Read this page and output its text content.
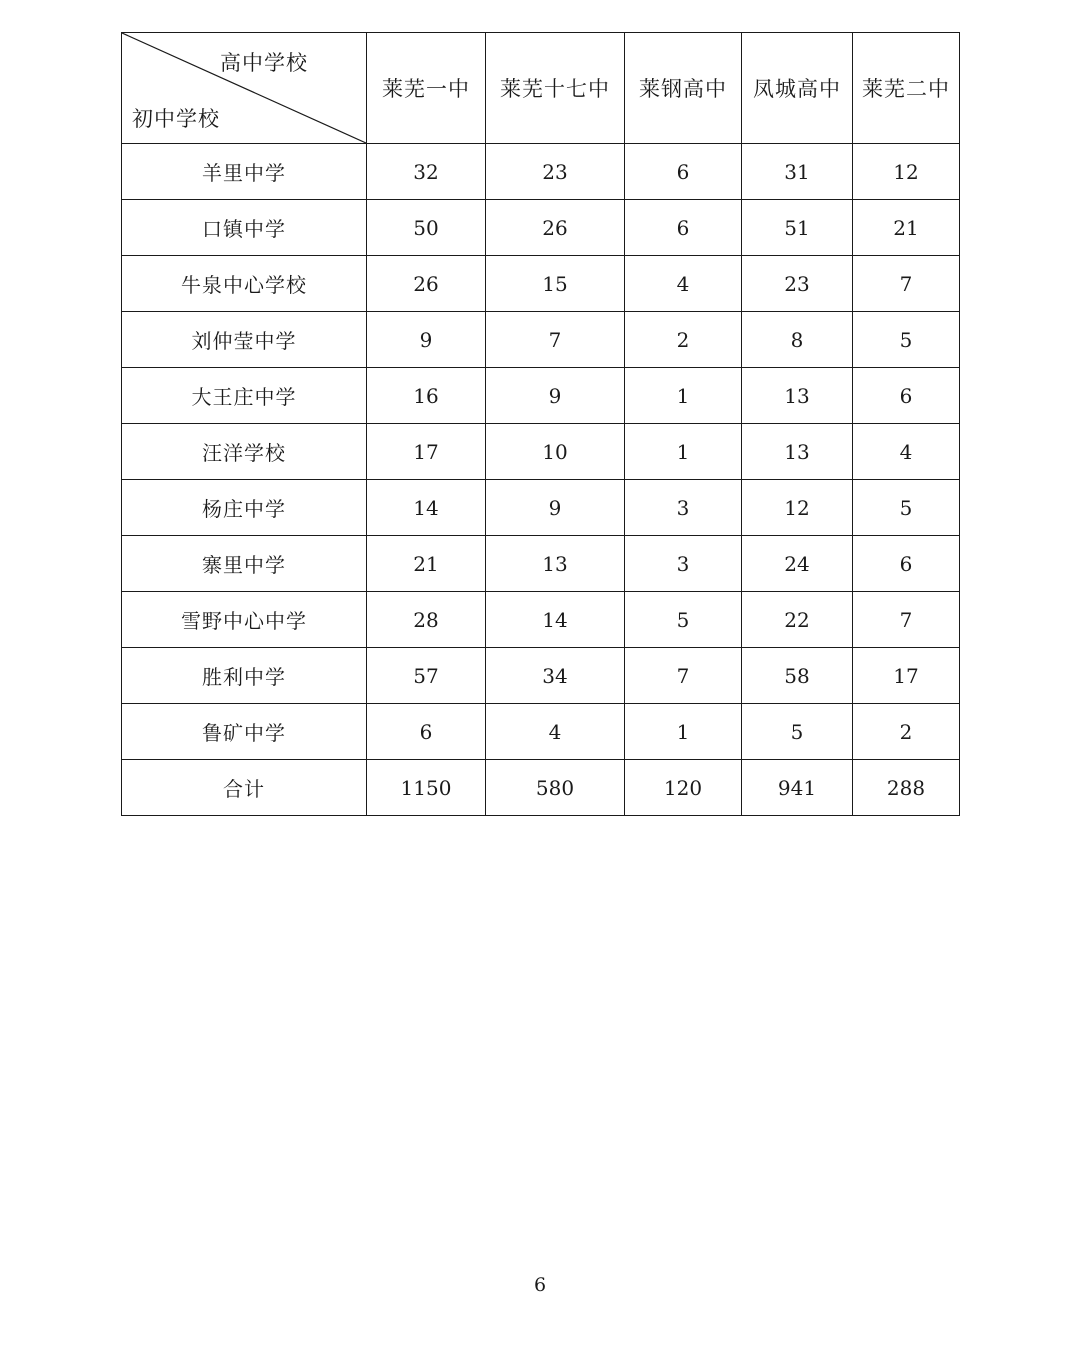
高中学校
初中学校	莱芜一中	莱芜十七中	莱钢高中	凤城高中	莱芜二中
羊里中学	32	23	6	31	12
口镇中学	50	26	6	51	21
牛泉中心学校	26	15	4	23	7
刘仲莹中学	9	7	2	8	5
大王庄中学	16	9	1	13	6
汪洋学校	17	10	1	13	4
杨庄中学	14	9	3	12	5
寨里中学	21	13	3	24	6
雪野中心中学	28	14	5	22	7
胜利中学	57	34	7	58	17
鲁矿中学	6	4	1	5	2
合计	1150	580	120	941	288
6
